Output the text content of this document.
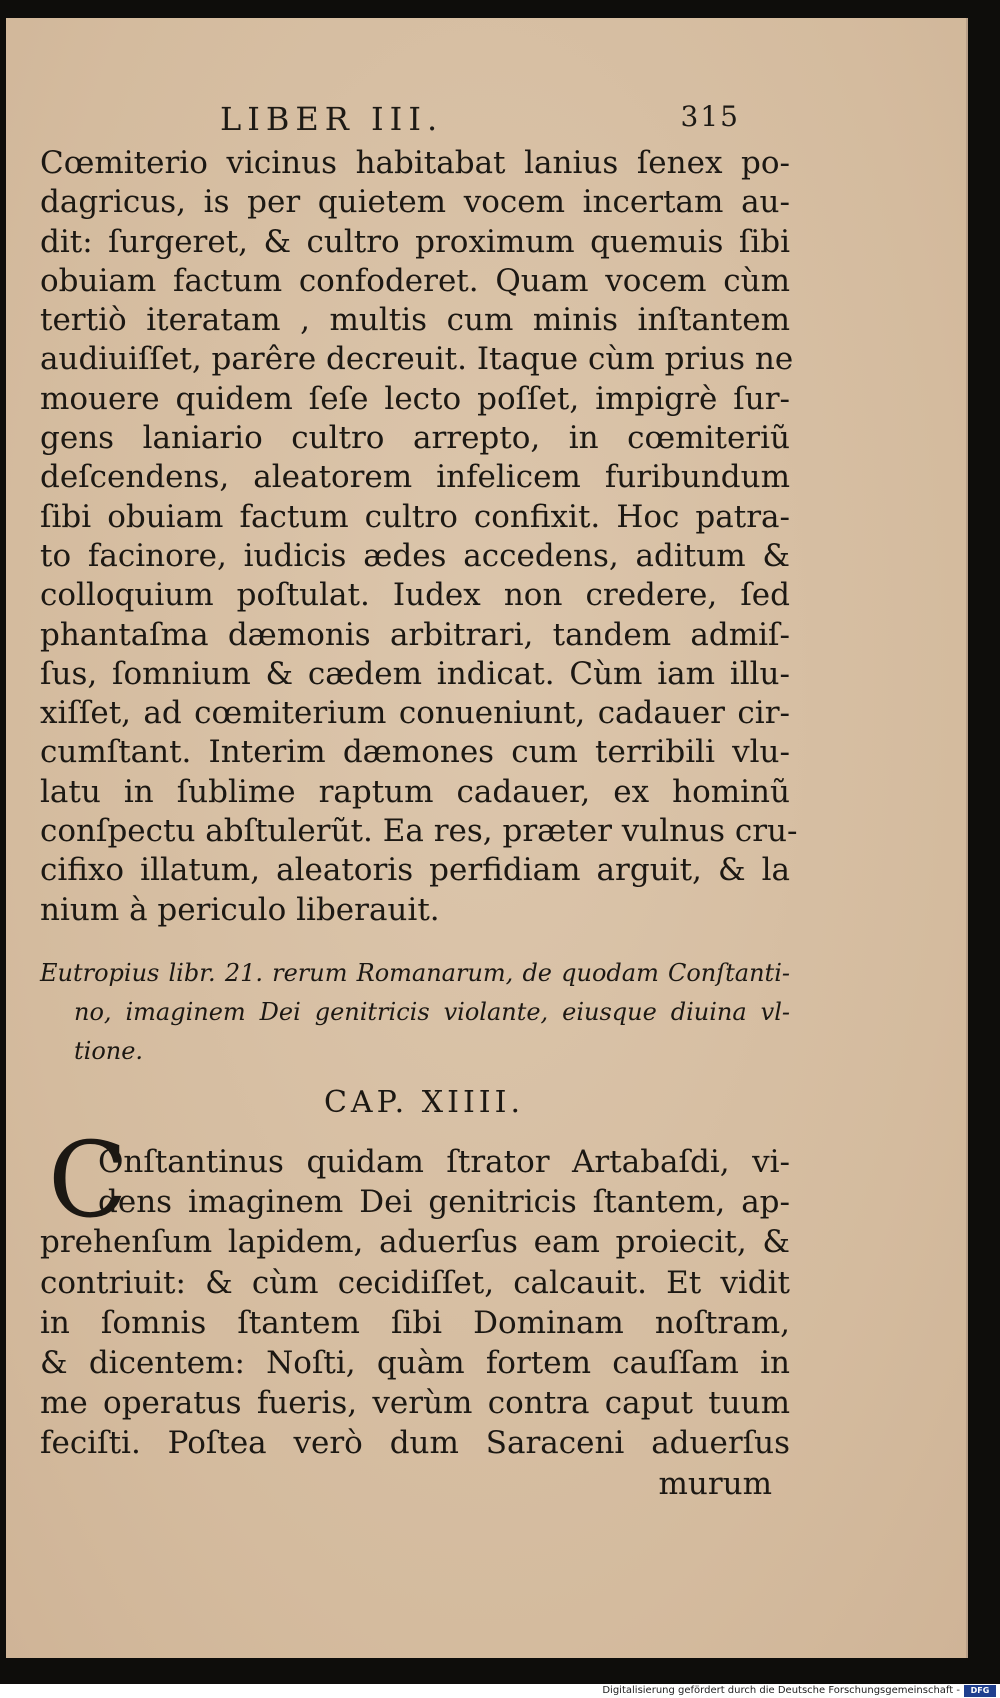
LIBER III.	315
Cœmiterio vicinus habitabat lanius ſenex po-
dagricus, is per quietem vocem incertam au-
dit: ſurgeret, & cultro proximum quemuis ſibi
obuiam factum confoderet. Quam vocem cùm
tertiò iteratam , multis cum minis inſtantem
audiuiſſet, parêre decreuit. Itaque cùm prius ne
mouere quidem ſeſe lecto poſſet, impigrè ſur-
gens laniario cultro arrepto, in cœmiteriũ
deſcendens, aleatorem infelicem furibundum
ſibi obuiam factum cultro confixit. Hoc patra-
to facinore, iudicis ædes accedens, aditum &
colloquium poſtulat. Iudex non credere, ſed
phantaſma dæmonis arbitrari, tandem admiſ-
ſus, ſomnium & cædem indicat. Cùm iam illu-
xiſſet, ad cœmiterium conueniunt, cadauer cir-
cumſtant. Interim dæmones cum terribili vlu-
latu in ſublime raptum cadauer, ex hominũ
conſpectu abſtulerũt. Ea res, præter vulnus cru-
cifixo illatum, aleatoris perfidiam arguit, & la
nium à periculo liberauit.
Eutropius libr. 21. rerum Romanarum, de quodam Conſtanti-
no, imaginem Dei genitricis violante, eiusque diuina vl-
tione.
CAP. XIIII.
C
Onſtantinus quidam ſtrator Artabaſdi, vi-
dens imaginem Dei genitricis ſtantem, ap-
prehenſum lapidem, aduerſus eam proiecit, &
contriuit: & cùm cecidiſſet, calcauit. Et vidit
in ſomnis ſtantem ſibi Dominam noſtram,
& dicentem: Noſti, quàm fortem cauſſam in
me operatus fueris, verùm contra caput tuum
feciſti. Poſtea verò dum Saraceni aduerſus
murum
Digitalisierung gefördert durch die Deutsche Forschungsgemeinschaft -	DFG
